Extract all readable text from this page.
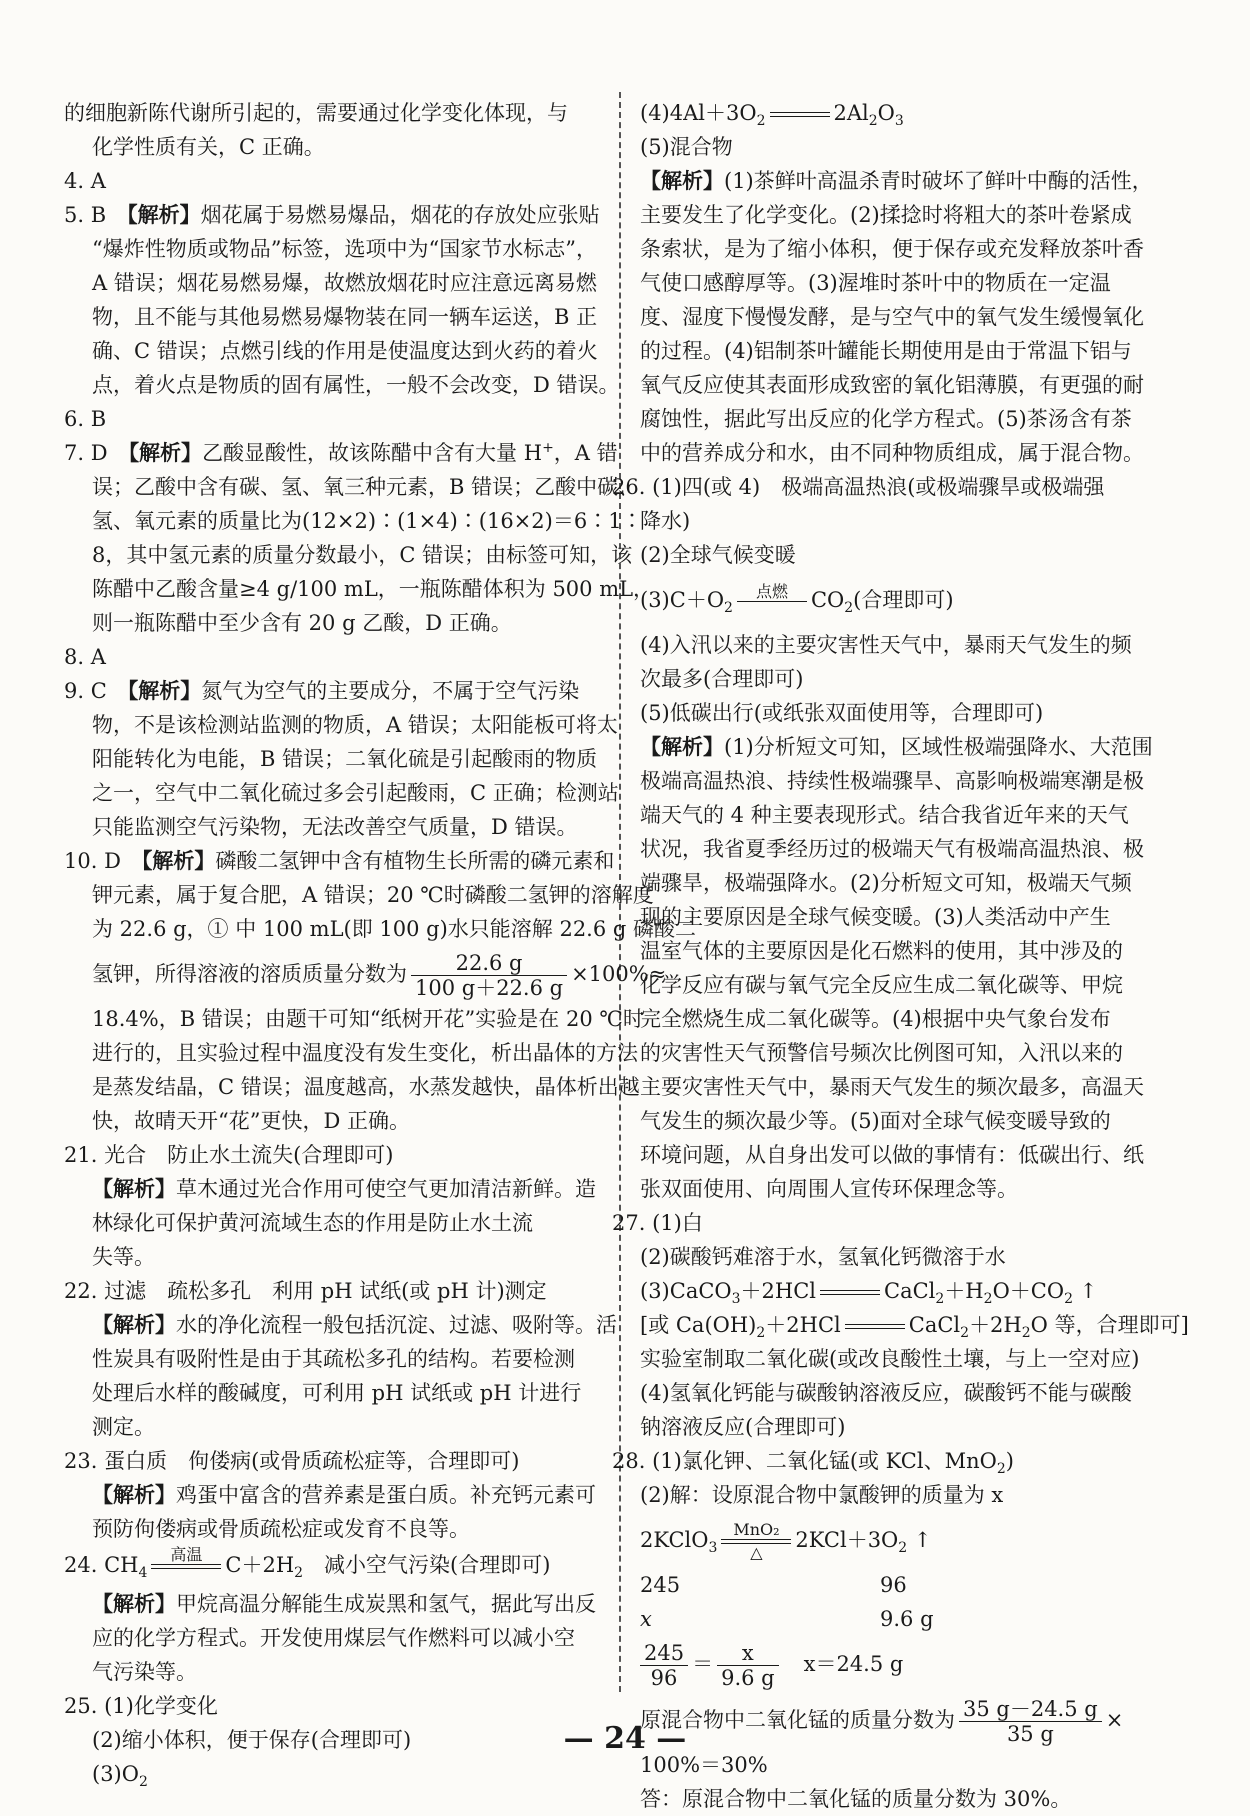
的细胞新陈代谢所引起的，需要通过化学变化体现，与
化学性质有关，C 正确。
4. A
5. B　 【解析】烟花属于易燃易爆品，烟花的存放处应张贴
“爆炸性物质或物品”标签，选项中为“国家节水标志”，
A 错误；烟花易燃易爆，故燃放烟花时应注意远离易燃
物，且不能与其他易燃易爆物装在同一辆车运送，B 正
确、C 错误；点燃引线的作用是使温度达到火药的着火
点，着火点是物质的固有属性，一般不会改变，D 错误。
6. B
7. D　 【解析】乙酸显酸性，故该陈醋中含有大量 H+，A 错
误；乙酸中含有碳、氢、氧三种元素，B 错误；乙酸中碳、
氢、氧元素的质量比为(12×2)∶(1×4)∶(16×2)＝6∶1∶
8，其中氢元素的质量分数最小，C 错误；由标签可知，该
陈醋中乙酸含量≥4 g/100 mL，一瓶陈醋体积为 500 mL，
则一瓶陈醋中至少含有 20 g 乙酸，D 正确。
8. A
9. C　 【解析】氮气为空气的主要成分，不属于空气污染
物，不是该检测站监测的物质，A 错误；太阳能板可将太
阳能转化为电能，B 错误；二氧化硫是引起酸雨的物质
之一，空气中二氧化硫过多会引起酸雨，C 正确；检测站
只能监测空气污染物，无法改善空气质量，D 错误。
10. D　 【解析】磷酸二氢钾中含有植物生长所需的磷元素和
钾元素，属于复合肥，A 错误；20 ℃时磷酸二氢钾的溶解度
为 22.6 g，① 中 100 mL(即 100 g)水只能溶解 22.6 g 磷酸二
氢钾，所得溶液的溶质质量分数为 $\frac{22.6 g}{100 g+22.6 g} \times 100\%\approx$
18.4%，B 错误；由题干可知“纸树开花”实验是在 20 ℃时
进行的，且实验过程中温度没有发生变化，析出晶体的方法
是蒸发结晶，C 错误；温度越高，水蒸发越快，晶体析出越
快，故晴天开“花”更快，D 正确。
21. 光合　防止水土流失(合理即可)
【解析】草木通过光合作用可使空气更加清洁新鲜。造
林绿化可保护黄河流域生态的作用是防止水土流
失等。
22. 过滤　疏松多孔　利用 pH 试纸(或 pH 计)测定
【解析】水的净化流程一般包括沉淀、过滤、吸附等。活
性炭具有吸附性是由于其疏松多孔的结构。若要检测
处理后水样的酸碱度，可利用 pH 试纸或 pH 计进行
测定。
23. 蛋白质　佝偻病(或骨质疏松症等，合理即可)
【解析】鸡蛋中富含的营养素是蛋白质。补充钙元素可
预防佝偻病或骨质疏松症或发育不良等。
24. $CH_4$
高温
	$C+2H_2$　减小空气污染(合理即可)
【解析】甲烷高温分解能生成炭黑和氢气，据此写出反
应的化学方程式。开发使用煤层气作燃料可以减小空
气污染等。
25. (1)化学变化
(2)缩小体积，便于保存(合理即可)
$(3)O_2$
$(4)4Al+3O_2$	$2Al_2O_3$
(5)混合物
【解析】(1)茶鲜叶高温杀青时破坏了鲜叶中酶的活性，
主要发生了化学变化。(2)揉捻时将粗大的茶叶卷紧成
条索状，是为了缩小体积，便于保存或充发释放茶叶香
气使口感醇厚等。(3)渥堆时茶叶中的物质在一定温
度、湿度下慢慢发酵，是与空气中的氧气发生缓慢氧化
的过程。(4)铝制茶叶罐能长期使用是由于常温下铝与
氧气反应使其表面形成致密的氧化铝薄膜，有更强的耐
腐蚀性，据此写出反应的化学方程式。(5)茶汤含有茶
中的营养成分和水，由不同种物质组成，属于混合物。
26. (1)四(或 4)　极端高温热浪(或极端骤旱或极端强
降水)
(2)全球气候变暖
$(3)C+O_2$
点燃
	$CO_2$(合理即可)
(4)入汛以来的主要灾害性天气中，暴雨天气发生的频
次最多(合理即可)
(5)低碳出行(或纸张双面使用等，合理即可)
【解析】(1)分析短文可知，区域性极端强降水、大范围
极端高温热浪、持续性极端骤旱、高影响极端寒潮是极
端天气的 4 种主要表现形式。结合我省近年来的天气
状况，我省夏季经历过的极端天气有极端高温热浪、极
端骤旱，极端强降水。(2)分析短文可知，极端天气频
现的主要原因是全球气候变暖。(3)人类活动中产生
温室气体的主要原因是化石燃料的使用，其中涉及的
化学反应有碳与氧气完全反应生成二氧化碳等、甲烷
完全燃烧生成二氧化碳等。(4)根据中央气象台发布
的灾害性天气预警信号频次比例图可知，入汛以来的
主要灾害性天气中，暴雨天气发生的频次最多，高温天
气发生的频次最少等。(5)面对全球气候变暖导致的
环境问题，从自身出发可以做的事情有：低碳出行、纸
张双面使用、向周围人宣传环保理念等。
27. (1)白
(2)碳酸钙难溶于水，氢氧化钙微溶于水
(3)CaCO$_3$＋2HCl	$CaCl_2+H_2O+CO_2$ ↑
[或 $Ca(OH)_2+2HCl$	$CaCl_2+2H_2O$ 等，合理即可]
实验室制取二氧化碳(或改良酸性土壤，与上一空对应)
(4)氢氧化钙能与碳酸钠溶液反应，碳酸钙不能与碳酸
钠溶液反应(合理即可)
28. (1)氯化钾、二氧化锰(或 KCl、MnO$_2$)
(2)解：设原混合物中氯酸钾的质量为 x
2KClO$_3$
MnO₂
△
$2KCl+3O_2$ ↑
245	96
x	9.6 g
$\frac{245}{96} = \frac{x}{9.6 g}$
　 x＝24.5 g
原混合物中二氧化锰的质量分数为 $\frac{35 g-24.5 g}{35 g}$ ×
100%＝30%
答：原混合物中二氧化锰的质量分数为 30%。
— 24 —
